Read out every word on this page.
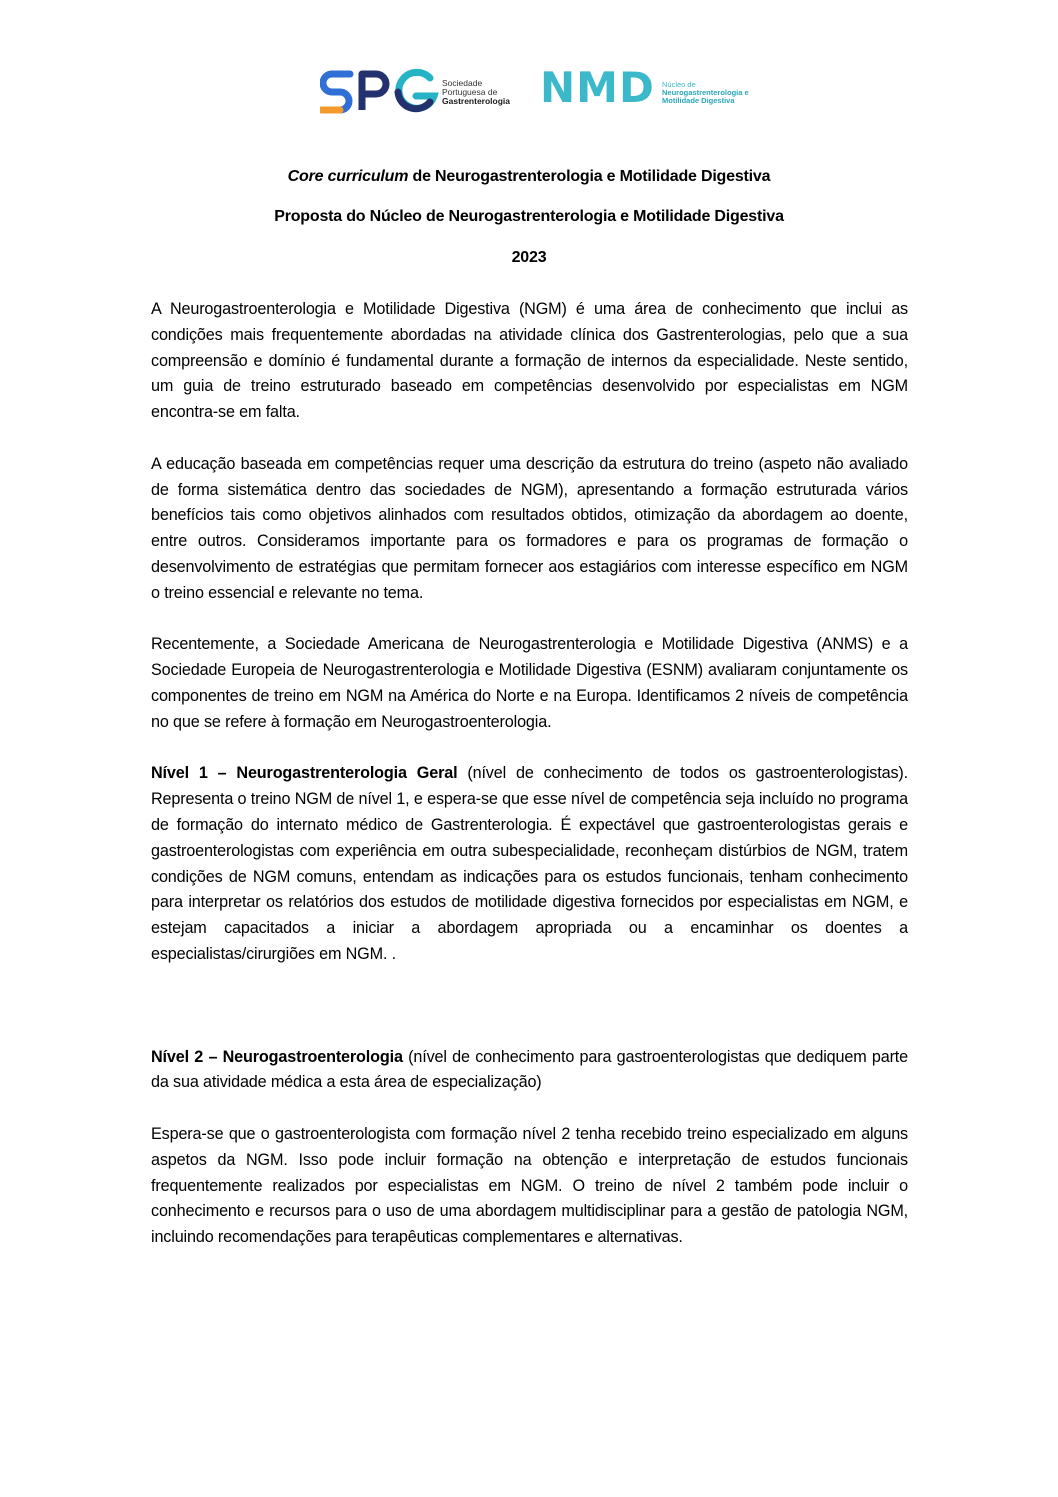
Sociedade
Portuguesa de
Gastrenterologia NMD Núcleo de
Neurogastrenterologia e
Motilidade Digestiva
Core curriculum de Neurogastrenterologia e Motilidade Digestiva
Proposta do Núcleo de Neurogastrenterologia e Motilidade Digestiva
2023

A Neurogastroenterologia e Motilidade Digestiva (NGM) é uma área de conhecimento que inclui as condições mais frequentemente abordadas na atividade clínica dos Gastrenterologias, pelo que a sua compreensão e domínio é fundamental durante a formação de internos da especialidade. Neste sentido, um guia de treino estruturado baseado em competências desenvolvido por especialistas em NGM encontra-se em falta.

A educação baseada em competências requer uma descrição da estrutura do treino (aspeto não avaliado de forma sistemática dentro das sociedades de NGM), apresentando a formação estruturada vários benefícios tais como objetivos alinhados com resultados obtidos, otimização da abordagem ao doente, entre outros. Consideramos importante para os formadores e para os programas de formação o desenvolvimento de estratégias que permitam fornecer aos estagiários com interesse específico em NGM o treino essencial e relevante no tema.

Recentemente, a Sociedade Americana de Neurogastrenterologia e Motilidade Digestiva (ANMS) e a Sociedade Europeia de Neurogastrenterologia e Motilidade Digestiva (ESNM) avaliaram conjuntamente os componentes de treino em NGM na América do Norte e na Europa. Identificamos 2 níveis de competência no que se refere à formação em Neurogastroenterologia.

Nível 1 – Neurogastrenterologia Geral (nível de conhecimento de todos os gastroenterologistas). Representa o treino NGM de nível 1, e espera-se que esse nível de competência seja incluído no programa de formação do internato médico de Gastrenterologia. É expectável que gastroenterologistas gerais e gastroenterologistas com experiência em outra subespecialidade, reconheçam distúrbios de NGM, tratem condições de NGM comuns, entendam as indicações para os estudos funcionais, tenham conhecimento para interpretar os relatórios dos estudos de motilidade digestiva fornecidos por especialistas em NGM, e estejam capacitados a iniciar a abordagem apropriada ou a encaminhar os doentes a especialistas/cirurgiões em NGM. .

Nível 2 – Neurogastroenterologia (nível de conhecimento para gastroenterologistas que dediquem parte da sua atividade médica a esta área de especialização)

Espera-se que o gastroenterologista com formação nível 2 tenha recebido treino especializado em alguns aspetos da NGM. Isso pode incluir formação na obtenção e interpretação de estudos funcionais frequentemente realizados por especialistas em NGM. O treino de nível 2 também pode incluir o conhecimento e recursos para o uso de uma abordagem multidisciplinar para a gestão de patologia NGM, incluindo recomendações para terapêuticas complementares e alternativas.
